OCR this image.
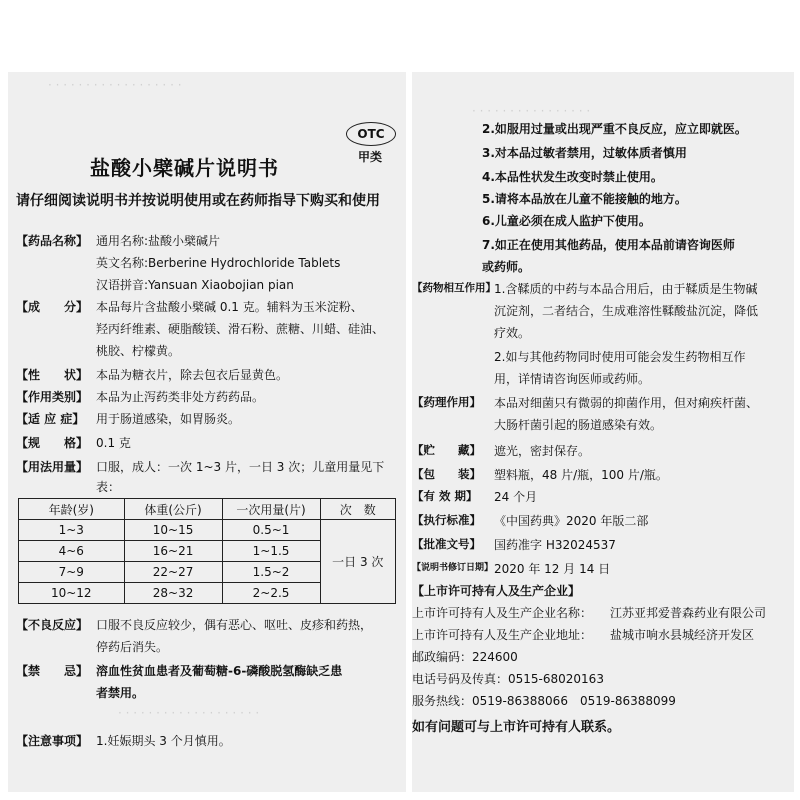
· · · · · · · · · · · · · · · · · ·
OTC
甲类
盐酸小檗碱片说明书
请仔细阅读说明书并按说明使用或在药师指导下购买和使用
【药品名称】 通用名称:盐酸小檗碱片
英文名称:Berberine Hydrochloride Tablets
汉语拼音:Yansuan Xiaobojian pian
【成　　分】 本品每片含盐酸小檗碱 0.1 克。辅料为玉米淀粉、
羟丙纤维素、硬脂酸镁、滑石粉、蔗糖、川蜡、硅油、
桃胶、柠檬黄。
【性　　状】 本品为糖衣片，除去包衣后显黄色。
【作用类别】 本品为止泻药类非处方药药品。
【适 应 症】 用于肠道感染，如胃肠炎。
【规　　格】 0.1 克
【用法用量】 口服，成人：一次 1~3 片，一日 3 次；儿童用量见下
表：
年龄(岁)	体重(公斤)	一次用量(片)	次　数
1~3	10~15	0.5~1	一日 3 次
4~6	16~21	1~1.5	
7~9	22~27	1.5~2	
10~12	28~32	2~2.5	
【不良反应】 口服不良反应较少，偶有恶心、呕吐、皮疹和药热，
停药后消失。
【禁　　忌】 溶血性贫血患者及葡萄糖-6-磷酸脱氢酶缺乏患
者禁用。
· · · · · · · · · · · · · · · · · · ·
【注意事项】 1.妊娠期头 3 个月慎用。
· · · · · · · · · · · · · · · ·
2.如服用过量或出现严重不良反应，应立即就医。
3.对本品过敏者禁用，过敏体质者慎用
4.本品性状发生改变时禁止使用。
5.请将本品放在儿童不能接触的地方。
6.儿童必须在成人监护下使用。
7.如正在使用其他药品，使用本品前请咨询医师
或药师。
【药物相互作用】
1.含鞣质的中药与本品合用后，由于鞣质是生物碱
沉淀剂，二者结合，生成难溶性鞣酸盐沉淀，降低
疗效。
2.如与其他药物同时使用可能会发生药物相互作
用，详情请咨询医师或药师。
【药理作用】 本品对细菌只有微弱的抑菌作用，但对痢疾杆菌、
大肠杆菌引起的肠道感染有效。
【贮　　藏】 遮光，密封保存。
【包　　装】 塑料瓶，48 片/瓶，100 片/瓶。
【有 效 期】 24 个月
【执行标准】 《中国药典》2020 年版二部
【批准文号】 国药准字 H32024537
【说明书修订日期】 2020 年 12 月 14 日
【上市许可持有人及生产企业】
上市许可持有人及生产企业名称： 江苏亚邦爱普森药业有限公司
上市许可持有人及生产企业地址： 盐城市响水县城经济开发区
邮政编码：224600
电话号码及传真：0515-68020163
服务热线：0519-86388066　0519-86388099
如有问题可与上市许可持有人联系。
